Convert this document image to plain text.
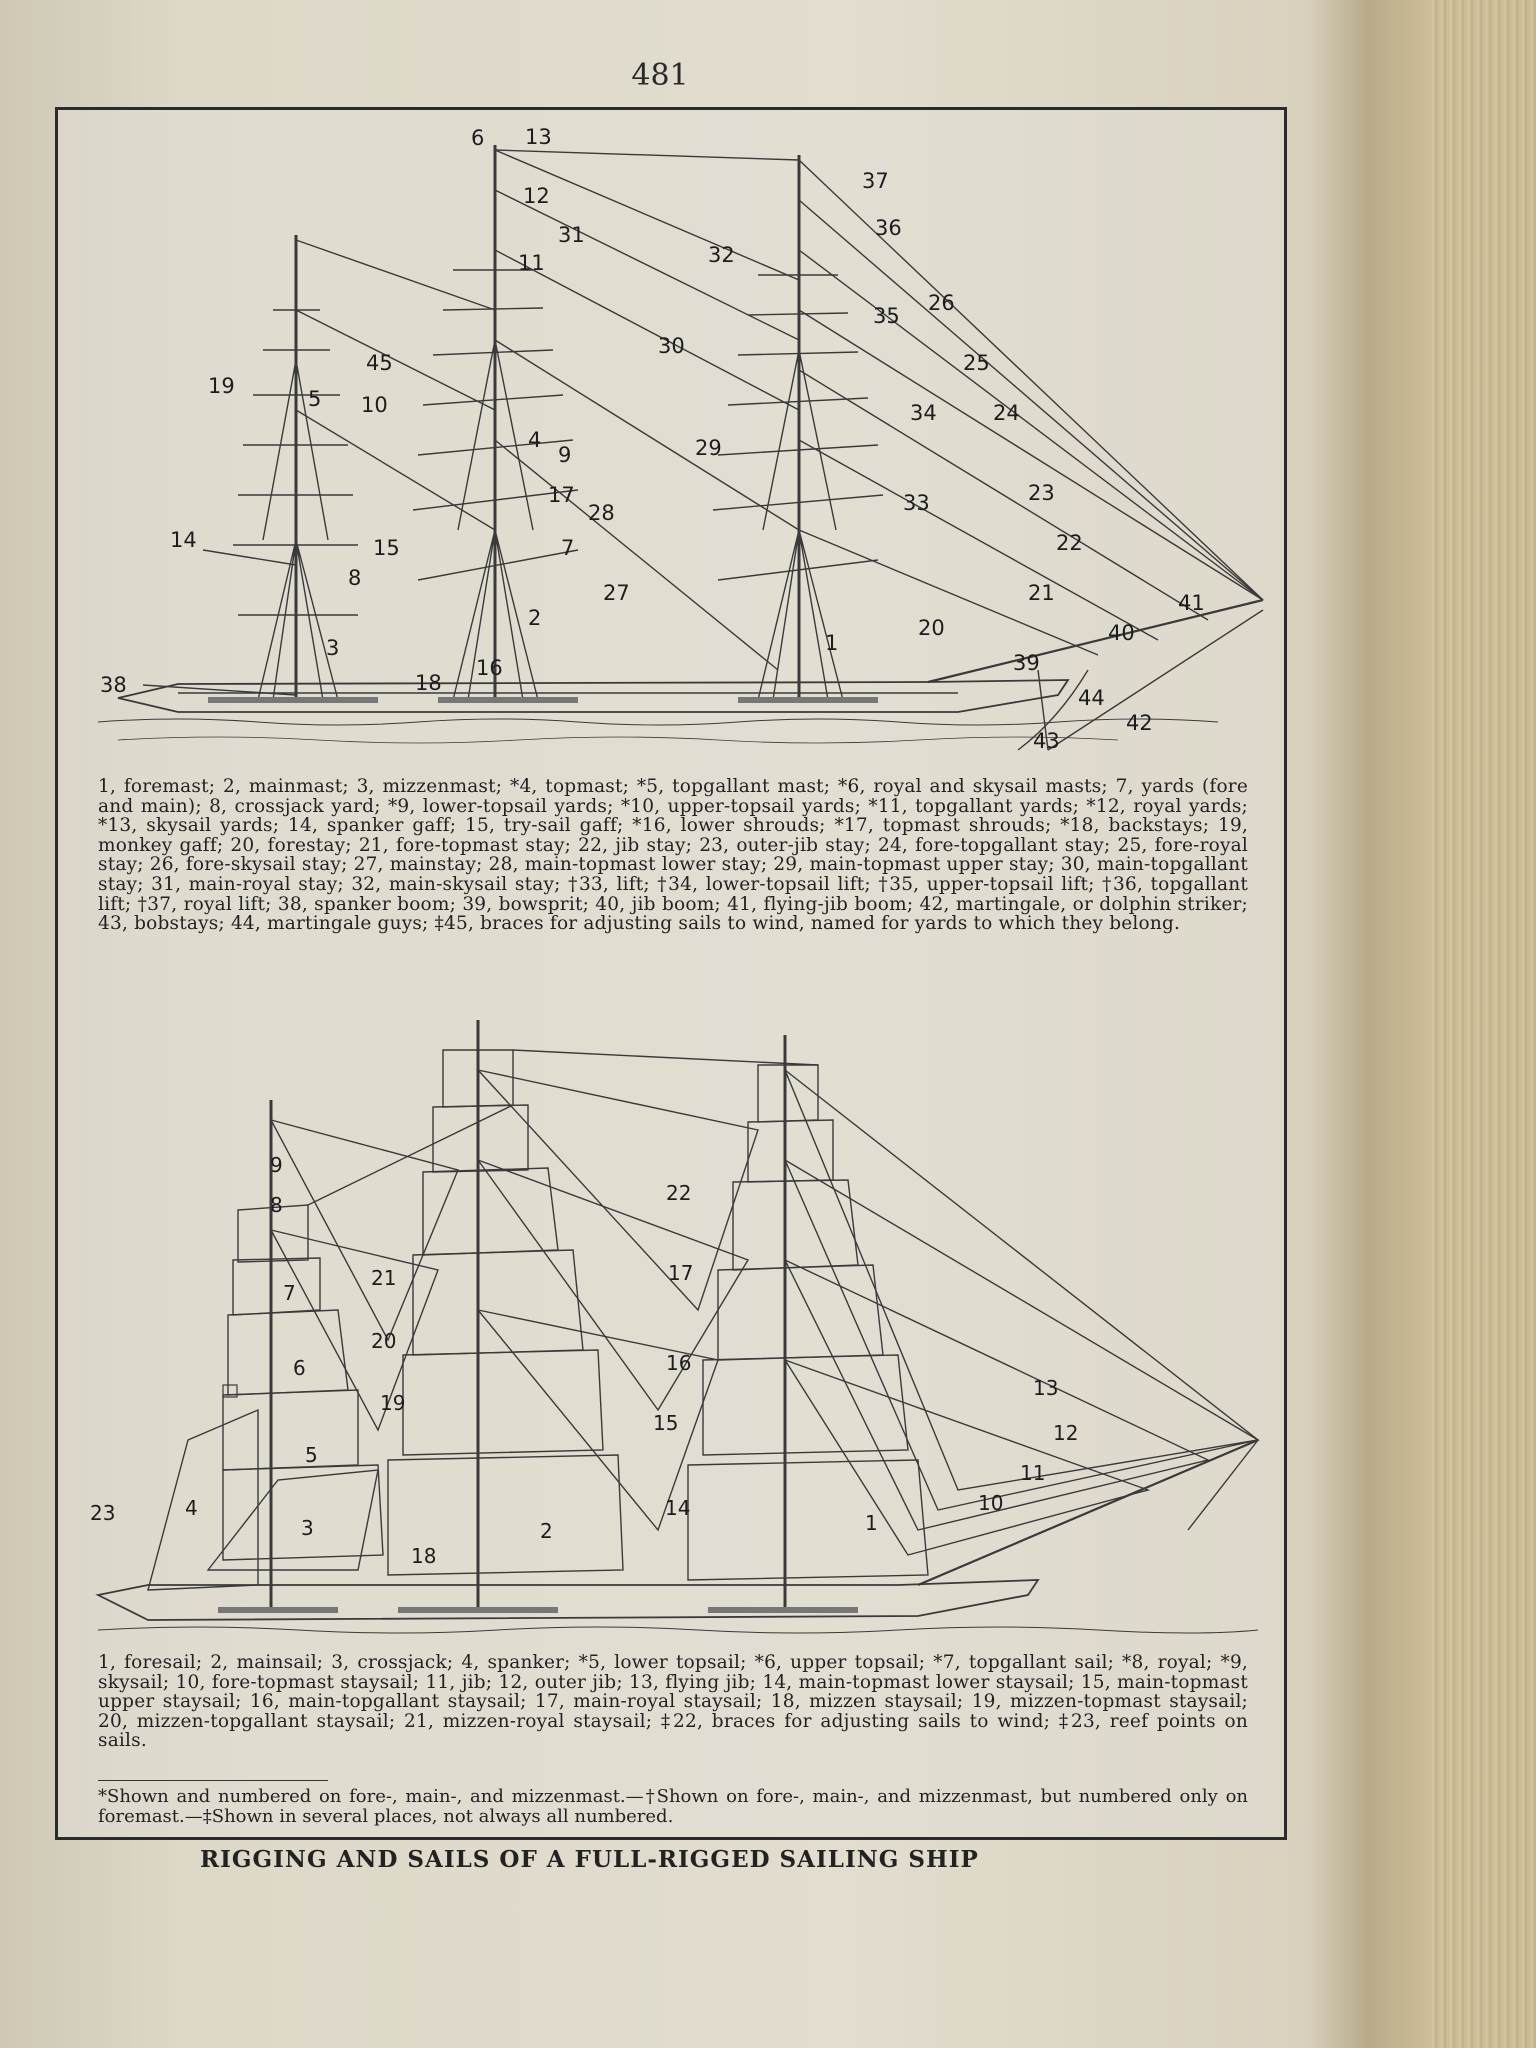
481
6 13
12
11
19
45
10
5
4
9
14
17
15
8
7
38
3
16
2
18
1
31
32
30
29
28
27
37
36
35
34
33
26
25
24
23
22
21
20
39
40
41
44
42
43
1, foremast; 2, mainmast; 3, mizzenmast; *4, topmast; *5, topgallant mast; *6, royal and skysail masts; 7, yards (fore and main); 8, crossjack yard; *9, lower-topsail yards; *10, upper-topsail yards; *11, topgallant yards; *12, royal yards; *13, skysail yards; 14, spanker gaff; 15, try-sail gaff; *16, lower shrouds; *17, topmast shrouds; *18, backstays; 19, monkey gaff; 20, forestay; 21, fore-topmast stay; 22, jib stay; 23, outer-jib stay; 24, fore-topgallant stay; 25, fore-royal stay; 26, fore-skysail stay; 27, mainstay; 28, main-topmast lower stay; 29, main-topmast upper stay; 30, main-topgallant stay; 31, main-royal stay; 32, main-skysail stay; †33, lift; †34, lower-topsail lift; †35, upper-topsail lift; †36, topgallant lift; †37, royal lift; 38, spanker boom; 39, bowsprit; 40, jib boom; 41, flying-jib boom; 42, martingale, or dolphin striker; 43, bobstays; 44, martingale guys; ‡45, braces for adjusting sails to wind, named for yards to which they belong.
9
8
7
6
5
3
4
23
22
21
20
19
18
2
17
16
15
14
1
13
12
11
10
1, foresail; 2, mainsail; 3, crossjack; 4, spanker; *5, lower topsail; *6, upper topsail; *7, topgallant sail; *8, royal; *9, skysail; 10, fore-topmast staysail; 11, jib; 12, outer jib; 13, flying jib; 14, main-topmast lower staysail; 15, main-topmast upper staysail; 16, main-topgallant staysail; 17, main-royal staysail; 18, mizzen staysail; 19, mizzen-topmast staysail; 20, mizzen-topgallant staysail; 21, mizzen-royal staysail; ‡22, braces for adjusting sails to wind; ‡23, reef points on sails.
*Shown and numbered on fore-, main-, and mizzenmast.—†Shown on fore-, main-, and mizzenmast, but numbered only on foremast.—‡Shown in several places, not always all numbered.
RIGGING AND SAILS OF A FULL-RIGGED SAILING SHIP
